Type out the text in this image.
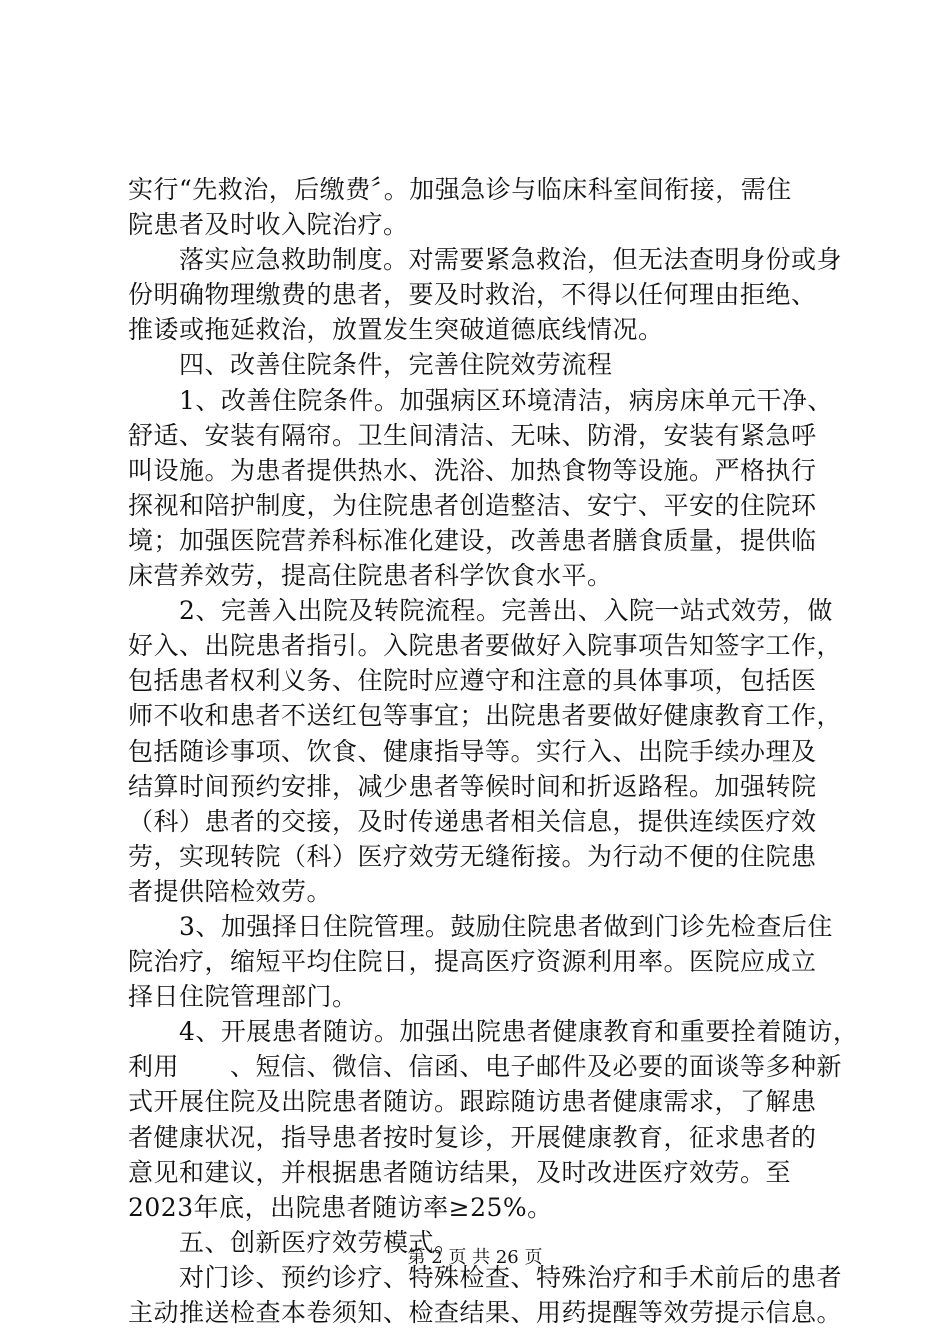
实行“先救治，后缴费〞。加强急诊与临床科室间衔接，需住
院患者及时收入院治疗。
　　落实应急救助制度。对需要紧急救治，但无法查明身份或身
份明确物理缴费的患者，要及时救治，不得以任何理由拒绝、
推诿或拖延救治，放置发生突破道德底线情况。
　　四、改善住院条件，完善住院效劳流程
　　1、改善住院条件。加强病区环境清洁，病房床单元干净、
舒适、安装有隔帘。卫生间清洁、无味、防滑，安装有紧急呼
叫设施。为患者提供热水、洗浴、加热食物等设施。严格执行
探视和陪护制度，为住院患者创造整洁、安宁、平安的住院环
境；加强医院营养科标准化建设，改善患者膳食质量，提供临
床营养效劳，提高住院患者科学饮食水平。
　　2、完善入出院及转院流程。完善出、入院一站式效劳，做
好入、出院患者指引。入院患者要做好入院事项告知签字工作，
包括患者权利义务、住院时应遵守和注意的具体事项，包括医
师不收和患者不送红包等事宜；出院患者要做好健康教育工作，
包括随诊事项、饮食、健康指导等。实行入、出院手续办理及
结算时间预约安排，减少患者等候时间和折返路程。加强转院
（科）患者的交接，及时传递患者相关信息，提供连续医疗效
劳，实现转院（科）医疗效劳无缝衔接。为行动不便的住院患
者提供陪检效劳。
　　3、加强择日住院管理。鼓励住院患者做到门诊先检查后住
院治疗，缩短平均住院日，提高医疗资源利用率。医院应成立
择日住院管理部门。
　　4、开展患者随访。加强出院患者健康教育和重要拴着随访，
利用　　、短信、微信、信函、电子邮件及必要的面谈等多种新
式开展住院及出院患者随访。跟踪随访患者健康需求，了解患
者健康状况，指导患者按时复诊，开展健康教育，征求患者的
意见和建议，并根据患者随访结果，及时改进医疗效劳。至
2023年底，出院患者随访率≥25%。
　　五、创新医疗效劳模式。
　　对门诊、预约诊疗、特殊检查、特殊治疗和手术前后的患者
主动推送检查本卷须知、检查结果、用药提醒等效劳提示信息。
第 2 页 共 26 页
